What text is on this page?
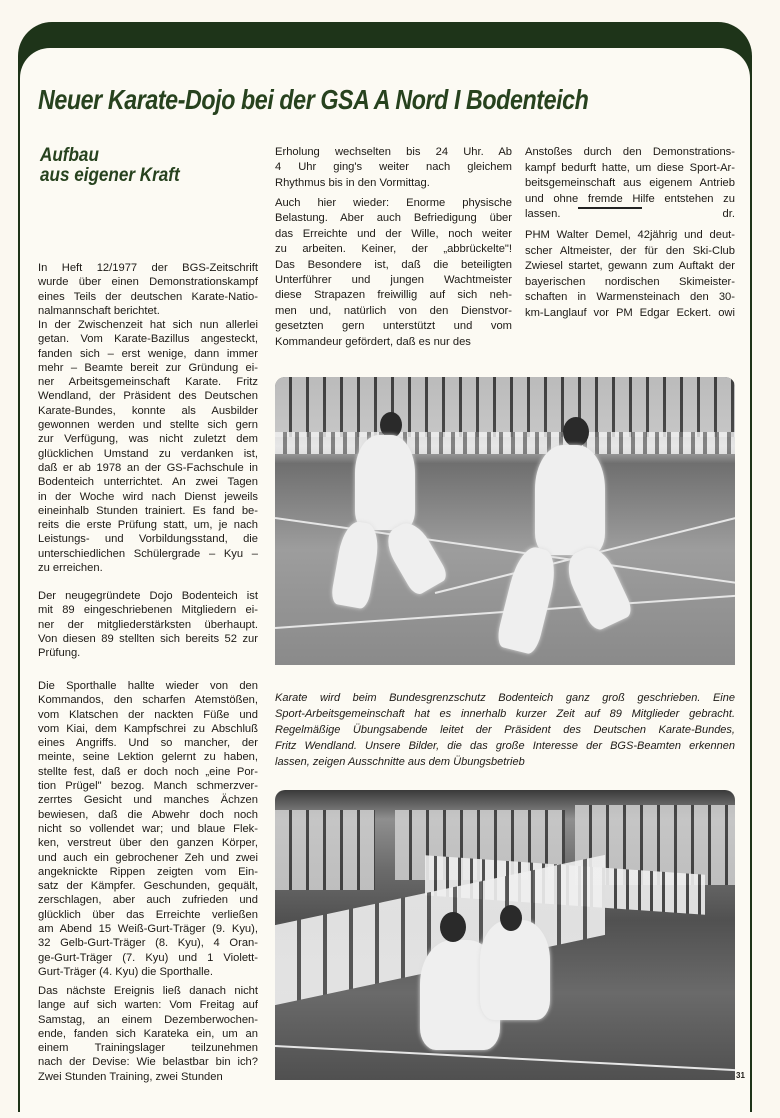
Neuer Karate-Dojo bei der GSA A Nord I Bodenteich
Aufbau
aus eigener Kraft
In Heft 12/1977 der BGS-Zeitschrift
wurde über einen Demonstrationskampf
eines Teils der deutschen Karate-Natio-
nalmannschaft berichtet.
In der Zwischenzeit hat sich nun allerlei
getan. Vom Karate-Bazillus angesteckt,
fanden sich – erst wenige, dann immer
mehr – Beamte bereit zur Gründung ei-
ner Arbeitsgemeinschaft Karate. Fritz
Wendland, der Präsident des Deutschen
Karate-Bundes, konnte als Ausbilder
gewonnen werden und stellte sich gern
zur Verfügung, was nicht zuletzt dem
glücklichen Umstand zu verdanken ist,
daß er ab 1978 an der GS-Fachschule in
Bodenteich unterrichtet. An zwei Tagen
in der Woche wird nach Dienst jeweils
eineinhalb Stunden trainiert. Es fand be-
reits die erste Prüfung statt, um, je nach
Leistungs- und Vorbildungsstand, die
unterschiedlichen Schülergrade – Kyu –
zu erreichen.
Der neugegründete Dojo Bodenteich ist
mit 89 eingeschriebenen Mitgliedern ei-
ner der mitgliederstärksten überhaupt.
Von diesen 89 stellten sich bereits 52 zur
Prüfung.
Die Sporthalle hallte wieder von den
Kommandos, den scharfen Atemstößen,
vom Klatschen der nackten Füße und
vom Kiai, dem Kampfschrei zu Abschluß
eines Angriffs. Und so mancher, der
meinte, seine Lektion gelernt zu haben,
stellte fest, daß er doch noch „eine Por-
tion Prügel" bezog. Manch schmerzver-
zerrtes Gesicht und manches Ächzen
bewiesen, daß die Abwehr doch noch
nicht so vollendet war; und blaue Flek-
ken, verstreut über den ganzen Körper,
und auch ein gebrochener Zeh und zwei
angeknickte Rippen zeigten vom Ein-
satz der Kämpfer. Geschunden, gequält,
zerschlagen, aber auch zufrieden und
glücklich über das Erreichte verließen
am Abend 15 Weiß-Gurt-Träger (9. Kyu),
32 Gelb-Gurt-Träger (8. Kyu), 4 Oran-
ge-Gurt-Träger (7. Kyu) und 1 Violett-
Gurt-Träger (4. Kyu) die Sporthalle.
Das nächste Ereignis ließ danach nicht
lange auf sich warten: Vom Freitag auf
Samstag, an einem Dezemberwochen-
ende, fanden sich Karateka ein, um an
einem Trainingslager teilzunehmen
nach der Devise: Wie belastbar bin ich?
Zwei Stunden Training, zwei Stunden
Erholung wechselten bis 24 Uhr. Ab
4 Uhr ging's weiter nach gleichem
Rhythmus bis in den Vormittag.
Auch hier wieder: Enorme physische
Belastung. Aber auch Befriedigung über
das Erreichte und der Wille, noch weiter
zu arbeiten. Keiner, der „abbrückelte"!
Das Besondere ist, daß die beteiligten
Unterführer und jungen Wachtmeister
diese Strapazen freiwillig auf sich neh-
men und, natürlich von den Dienstvor-
gesetzten gern unterstützt und vom
Kommandeur gefördert, daß es nur des
Anstoßes durch den Demonstrations-
kampf bedurft hatte, um diese Sport-Ar-
beitsgemeinschaft aus eigenem Antrieb
und ohne fremde Hilfe entstehen zu
lassen.	dr.
PHM Walter Demel, 42jährig und deut-
scher Altmeister, der für den Ski-Club
Zwiesel startet, gewann zum Auftakt der
bayerischen nordischen Skimeister-
schaften in Warmensteinach den 30-
km-Langlauf vor PM Edgar Eckert. owi
Karate wird beim Bundesgrenzschutz Bodenteich ganz groß geschrieben. Eine
Sport-Arbeitsgemeinschaft hat es innerhalb kurzer Zeit auf 89 Mitglieder gebracht.
Regelmäßige Übungsabende leitet der Präsident des Deutschen Karate-Bundes,
Fritz Wendland. Unsere Bilder, die das große Interesse der BGS-Beamten erkennen
lassen, zeigen Ausschnitte aus dem Übungsbetrieb
31
